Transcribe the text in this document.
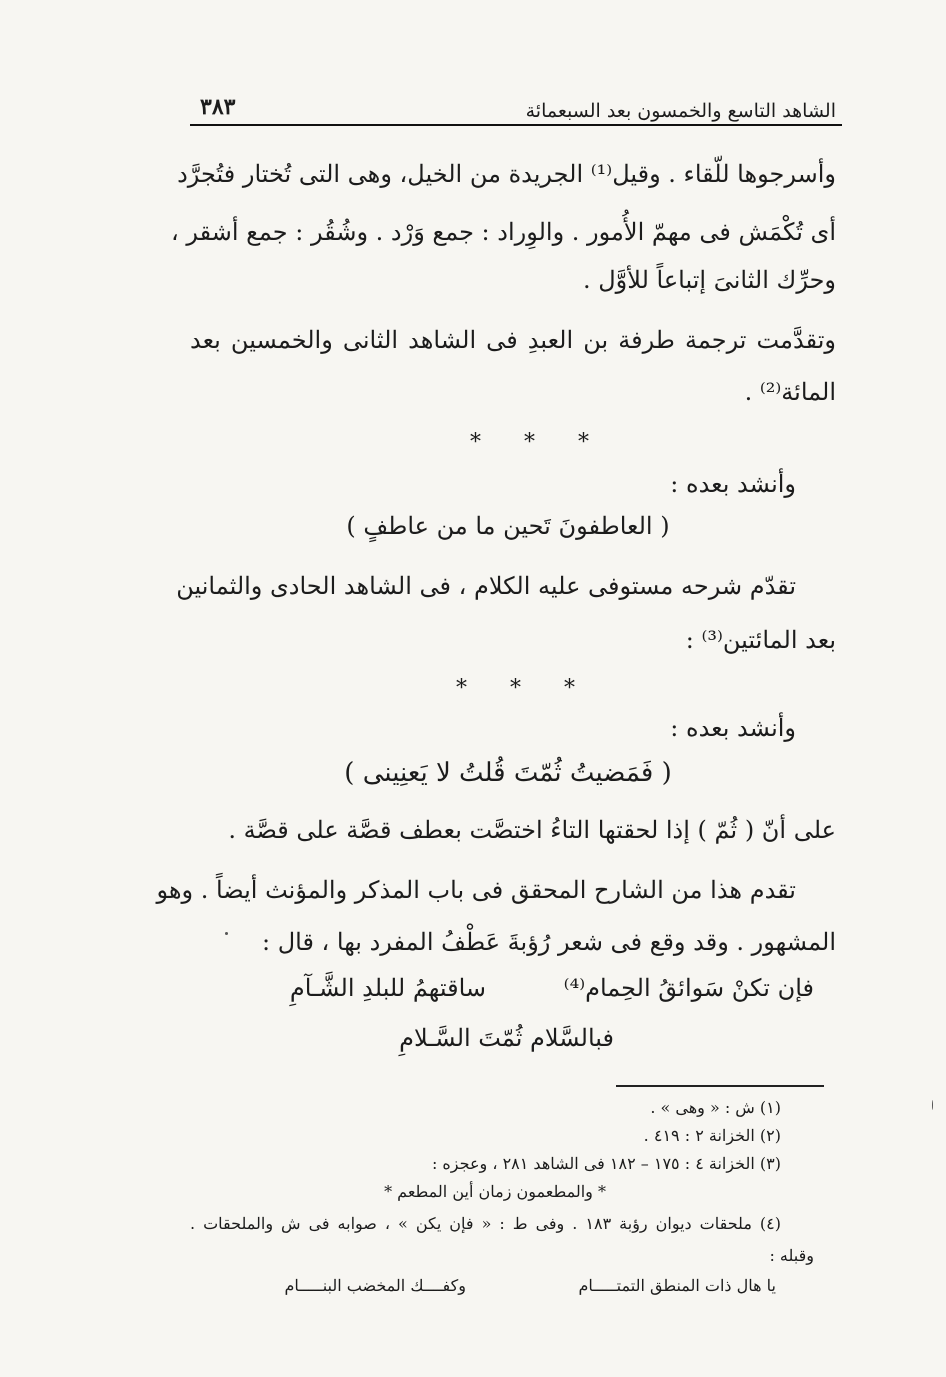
الشاهد التاسع والخمسون بعد السبعمائة
٣٨٣
وأسرجوها للّقاء . وقيل⁽¹⁾ الجريدة من الخيل، وهى التى تُختار فتُجرَّد
أى تُكْمَش فى مهمّ الأُمور . والوِراد : جمع وَرْد . وشُقُر : جمع أشقر ،
وحرِّك الثانىَ إتباعاً للأوَّل .
وتقدَّمت ترجمة طرفة بن العبدِ فى الشاهد الثانى والخمسين بعد
المائة⁽²⁾ .
* * *
وأنشد بعده :
( العاطفونَ تَحين ما من عاطفٍ )
تقدّم شرحه مستوفى عليه الكلام ، فى الشاهد الحادى والثمانين
بعد المائتين⁽³⁾ :
* * *
وأنشد بعده :
( فَمَضيتُ ثُمّتَ قُلتُ لا يَعنِينى )
على أنّ ( ثُمّ ) إذا لحقتها التاءُ اختصَّت بعطف قصَّة على قصَّة .
تقدم هذا من الشارح المحقق فى باب المذكر والمؤنث أيضاً . وهو
المشهور . وقد وقع فى شعر رُؤبةَ عَطْفُ المفرد بها ، قال :
فإن تكنْ سَوائقُ الحِمام⁽⁴⁾
ساقتهمُ للبلدِ الشَّـآمِ
فبالسَّلام ثُمّتَ السَّـلامِ
(١) ش : « وهى » .
(٢) الخزانة ٢ : ٤١٩ .
(٣) الخزانة ٤ : ١٧٥ – ١٨٢ فى الشاهد ٢٨١ ، وعجزه :
* والمطعمون زمان أين المطعم *
(٤) ملحقات ديوان رؤبة ١٨٣ . وفى ط : « فإن يكن » ، صوابه فى ش والملحقات .
وقبله :
يا هال ذات المنطق التمتـــــام
وكفــــك المخضب البنـــــام
